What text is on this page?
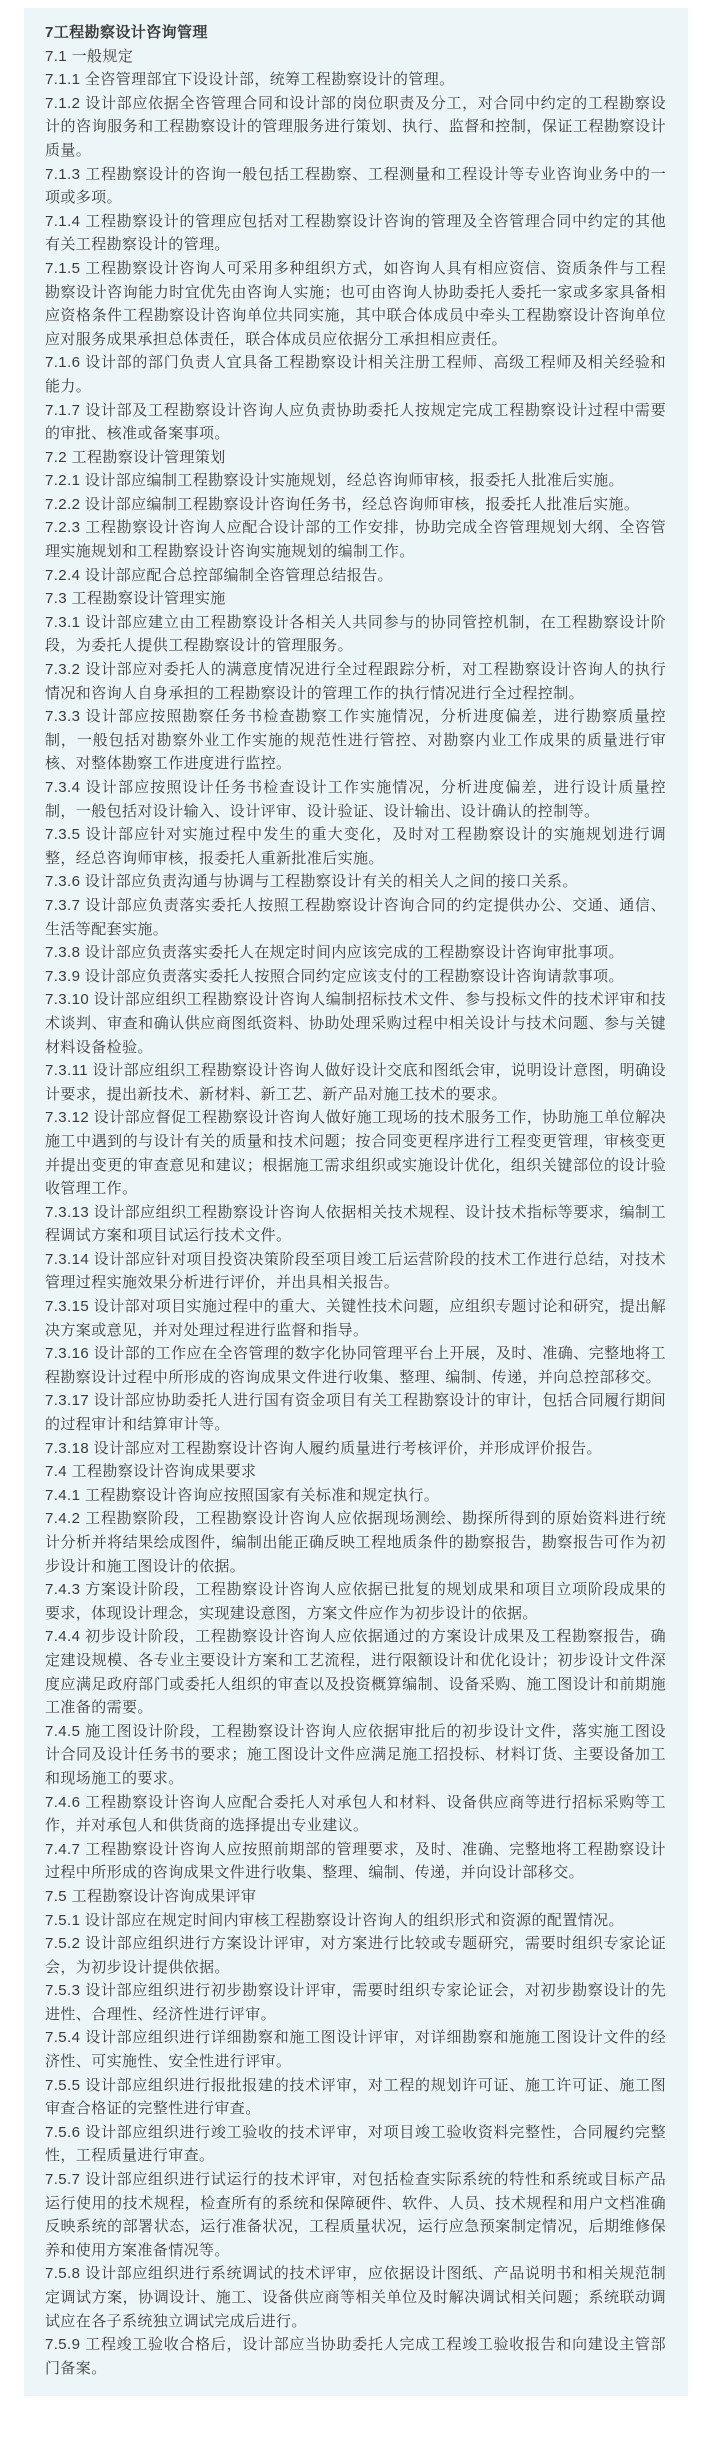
7工程勘察设计咨询管理

7.1 一般规定

7.1.1 全咨管理部宜下设设计部，统筹工程勘察设计的管理。

7.1.2 设计部应依据全咨管理合同和设计部的岗位职责及分工，对合同中约定的工程勘察设计的咨询服务和工程勘察设计的管理服务进行策划、执行、监督和控制，保证工程勘察设计质量。

7.1.3 工程勘察设计的咨询一般包括工程勘察、工程测量和工程设计等专业咨询业务中的一项或多项。

7.1.4 工程勘察设计的管理应包括对工程勘察设计咨询的管理及全咨管理合同中约定的其他有关工程勘察设计的管理。

7.1.5 工程勘察设计咨询人可采用多种组织方式，如咨询人具有相应资信、资质条件与工程勘察设计咨询能力时宜优先由咨询人实施；也可由咨询人协助委托人委托一家或多家具备相应资格条件工程勘察设计咨询单位共同实施，其中联合体成员中牵头工程勘察设计咨询单位应对服务成果承担总体责任，联合体成员应依据分工承担相应责任。

7.1.6 设计部的部门负责人宜具备工程勘察设计相关注册工程师、高级工程师及相关经验和能力。

7.1.7 设计部及工程勘察设计咨询人应负责协助委托人按规定完成工程勘察设计过程中需要的审批、核准或备案事项。

7.2 工程勘察设计管理策划

7.2.1 设计部应编制工程勘察设计实施规划，经总咨询师审核，报委托人批准后实施。

7.2.2 设计部应编制工程勘察设计咨询任务书，经总咨询师审核，报委托人批准后实施。

7.2.3 工程勘察设计咨询人应配合设计部的工作安排，协助完成全咨管理规划大纲、全咨管理实施规划和工程勘察设计咨询实施规划的编制工作。

7.2.4 设计部应配合总控部编制全咨管理总结报告。

7.3 工程勘察设计管理实施

7.3.1 设计部应建立由工程勘察设计各相关人共同参与的协同管控机制，在工程勘察设计阶段，为委托人提供工程勘察设计的管理服务。

7.3.2 设计部应对委托人的满意度情况进行全过程跟踪分析，对工程勘察设计咨询人的执行情况和咨询人自身承担的工程勘察设计的管理工作的执行情况进行全过程控制。

7.3.3 设计部应按照勘察任务书检查勘察工作实施情况，分析进度偏差，进行勘察质量控制，一般包括对勘察外业工作实施的规范性进行管控、对勘察内业工作成果的质量进行审核、对整体勘察工作进度进行监控。

7.3.4 设计部应按照设计任务书检查设计工作实施情况，分析进度偏差，进行设计质量控制，一般包括对设计输入、设计评审、设计验证、设计输出、设计确认的控制等。

7.3.5 设计部应针对实施过程中发生的重大变化，及时对工程勘察设计的实施规划进行调整，经总咨询师审核，报委托人重新批准后实施。

7.3.6 设计部应负责沟通与协调与工程勘察设计有关的相关人之间的接口关系。

7.3.7 设计部应负责落实委托人按照工程勘察设计咨询合同的约定提供办公、交通、通信、生活等配套实施。

7.3.8 设计部应负责落实委托人在规定时间内应该完成的工程勘察设计咨询审批事项。

7.3.9 设计部应负责落实委托人按照合同约定应该支付的工程勘察设计咨询请款事项。

7.3.10 设计部应组织工程勘察设计咨询人编制招标技术文件、参与投标文件的技术评审和技术谈判、审查和确认供应商图纸资料、协助处理采购过程中相关设计与技术问题、参与关键材料设备检验。

7.3.11 设计部应组织工程勘察设计咨询人做好设计交底和图纸会审，说明设计意图，明确设计要求，提出新技术、新材料、新工艺、新产品对施工技术的要求。

7.3.12 设计部应督促工程勘察设计咨询人做好施工现场的技术服务工作，协助施工单位解决施工中遇到的与设计有关的质量和技术问题；按合同变更程序进行工程变更管理，审核变更并提出变更的审查意见和建议；根据施工需求组织或实施设计优化，组织关键部位的设计验收管理工作。

7.3.13 设计部应组织工程勘察设计咨询人依据相关技术规程、设计技术指标等要求，编制工程调试方案和项目试运行技术文件。

7.3.14 设计部应针对项目投资决策阶段至项目竣工后运营阶段的技术工作进行总结，对技术管理过程实施效果分析进行评价，并出具相关报告。

7.3.15 设计部对项目实施过程中的重大、关键性技术问题，应组织专题讨论和研究，提出解决方案或意见，并对处理过程进行监督和指导。

7.3.16 设计部的工作应在全咨管理的数字化协同管理平台上开展，及时、准确、完整地将工程勘察设计过程中所形成的咨询成果文件进行收集、整理、编制、传递，并向总控部移交。

7.3.17 设计部应协助委托人进行国有资金项目有关工程勘察设计的审计，包括合同履行期间的过程审计和结算审计等。

7.3.18 设计部应对工程勘察设计咨询人履约质量进行考核评价，并形成评价报告。

7.4 工程勘察设计咨询成果要求

7.4.1 工程勘察设计咨询应按照国家有关标准和规定执行。

7.4.2 工程勘察阶段，工程勘察设计咨询人应依据现场测绘、勘探所得到的原始资料进行统计分析并将结果绘成图件，编制出能正确反映工程地质条件的勘察报告，勘察报告可作为初步设计和施工图设计的依据。

7.4.3 方案设计阶段，工程勘察设计咨询人应依据已批复的规划成果和项目立项阶段成果的要求，体现设计理念，实现建设意图，方案文件应作为初步设计的依据。

7.4.4 初步设计阶段，工程勘察设计咨询人应依据通过的方案设计成果及工程勘察报告，确定建设规模、各专业主要设计方案和工艺流程，进行限额设计和优化设计；初步设计文件深度应满足政府部门或委托人组织的审查以及投资概算编制、设备采购、施工图设计和前期施工准备的需要。

7.4.5 施工图设计阶段，工程勘察设计咨询人应依据审批后的初步设计文件，落实施工图设计合同及设计任务书的要求；施工图设计文件应满足施工招投标、材料订货、主要设备加工和现场施工的要求。

7.4.6 工程勘察设计咨询人应配合委托人对承包人和材料、设备供应商等进行招标采购等工作，并对承包人和供货商的选择提出专业建议。

7.4.7 工程勘察设计咨询人应按照前期部的管理要求，及时、准确、完整地将工程勘察设计过程中所形成的咨询成果文件进行收集、整理、编制、传递，并向设计部移交。

7.5 工程勘察设计咨询成果评审

7.5.1 设计部应在规定时间内审核工程勘察设计咨询人的组织形式和资源的配置情况。

7.5.2 设计部应组织进行方案设计评审，对方案进行比较或专题研究，需要时组织专家论证会，为初步设计提供依据。

7.5.3 设计部应组织进行初步勘察设计评审，需要时组织专家论证会，对初步勘察设计的先进性、合理性、经济性进行评审。

7.5.4 设计部应组织进行详细勘察和施工图设计评审，对详细勘察和施施工图设计文件的经济性、可实施性、安全性进行评审。

7.5.5 设计部应组织进行报批报建的技术评审，对工程的规划许可证、施工许可证、施工图审查合格证的完整性进行审查。

7.5.6 设计部应组织进行竣工验收的技术评审，对项目竣工验收资料完整性，合同履约完整性，工程质量进行审查。

7.5.7 设计部应组织进行试运行的技术评审，对包括检查实际系统的特性和系统或目标产品运行使用的技术规程，检查所有的系统和保障硬件、软件、人员、技术规程和用户文档准确反映系统的部署状态，运行准备状况，工程质量状况，运行应急预案制定情况，后期维修保养和使用方案准备情况等。

7.5.8 设计部应组织进行系统调试的技术评审，应依据设计图纸、产品说明书和相关规范制定调试方案，协调设计、施工、设备供应商等相关单位及时解决调试相关问题；系统联动调试应在各子系统独立调试完成后进行。

7.5.9 工程竣工验收合格后，设计部应当协助委托人完成工程竣工验收报告和向建设主管部门备案。
